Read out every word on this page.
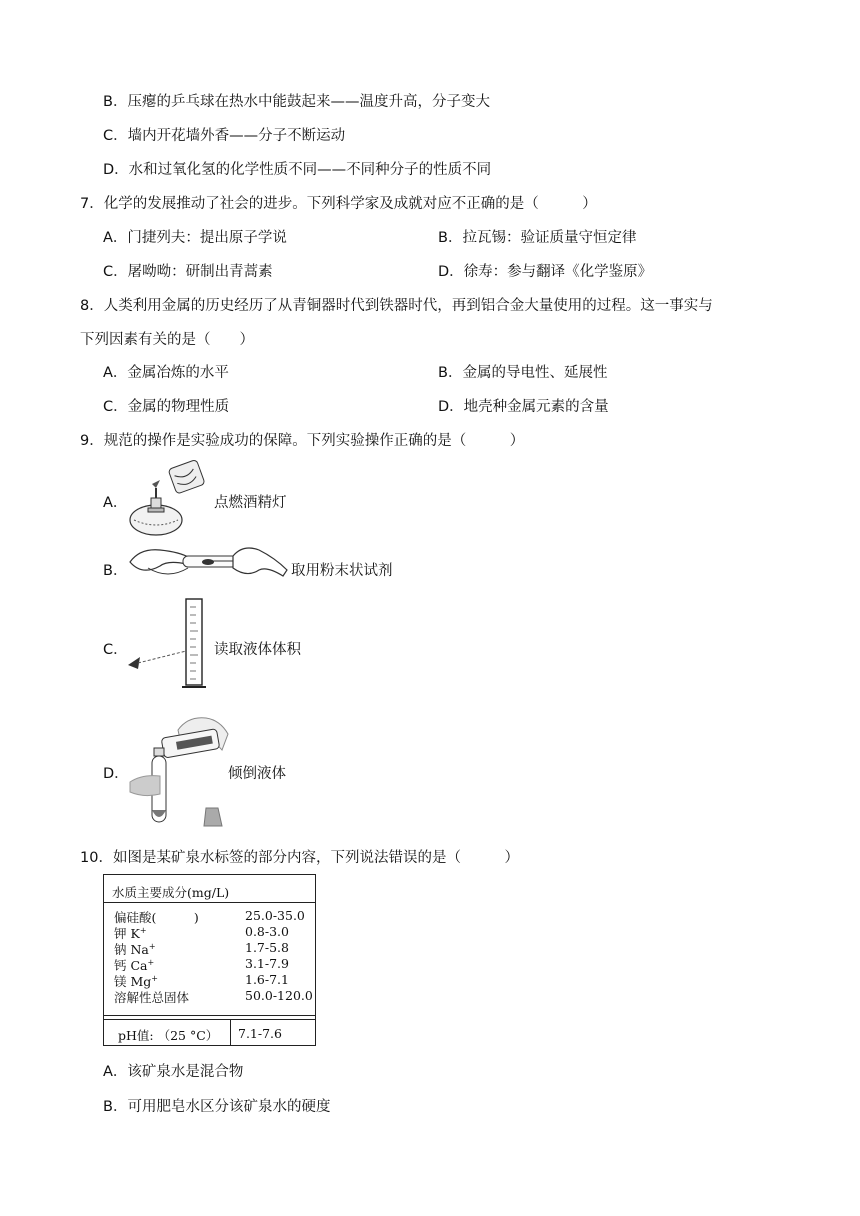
B．压瘪的乒乓球在热水中能鼓起来——温度升高，分子变大
C．墙内开花墙外香——分子不断运动
D．水和过氧化氢的化学性质不同——不同种分子的性质不同
7．化学的发展推动了社会的进步。下列科学家及成就对应不正确的是（　　　）
A．门捷列夫：提出原子学说	B．拉瓦锡：验证质量守恒定律
C．屠呦呦：研制出青蒿素	D．徐寿：参与翻译《化学鉴原》
8．人类利用金属的历史经历了从青铜器时代到铁器时代，再到铝合金大量使用的过程。这一事实与
下列因素有关的是（　　）
A．金属冶炼的水平	B．金属的导电性、延展性
C．金属的物理性质	D．地壳种金属元素的含量
9．规范的操作是实验成功的保障。下列实验操作正确的是（　　　）
A．	点燃酒精灯
B．	取用粉末状试剂
C．	读取液体体积
D．	倾倒液体
10．如图是某矿泉水标签的部分内容，下列说法错误的是（　　　）
水质主要成分(mg/L)
偏硅酸(　　　)	25.0-35.0
钾 K+	0.8-3.0
钠 Na+	1.7-5.8
钙 Ca+	3.1-7.9
镁 Mg+	1.6-7.1
溶解性总固体	50.0-120.0
pH值: （25 °C） 7.1-7.6
A．该矿泉水是混合物
B．可用肥皂水区分该矿泉水的硬度
